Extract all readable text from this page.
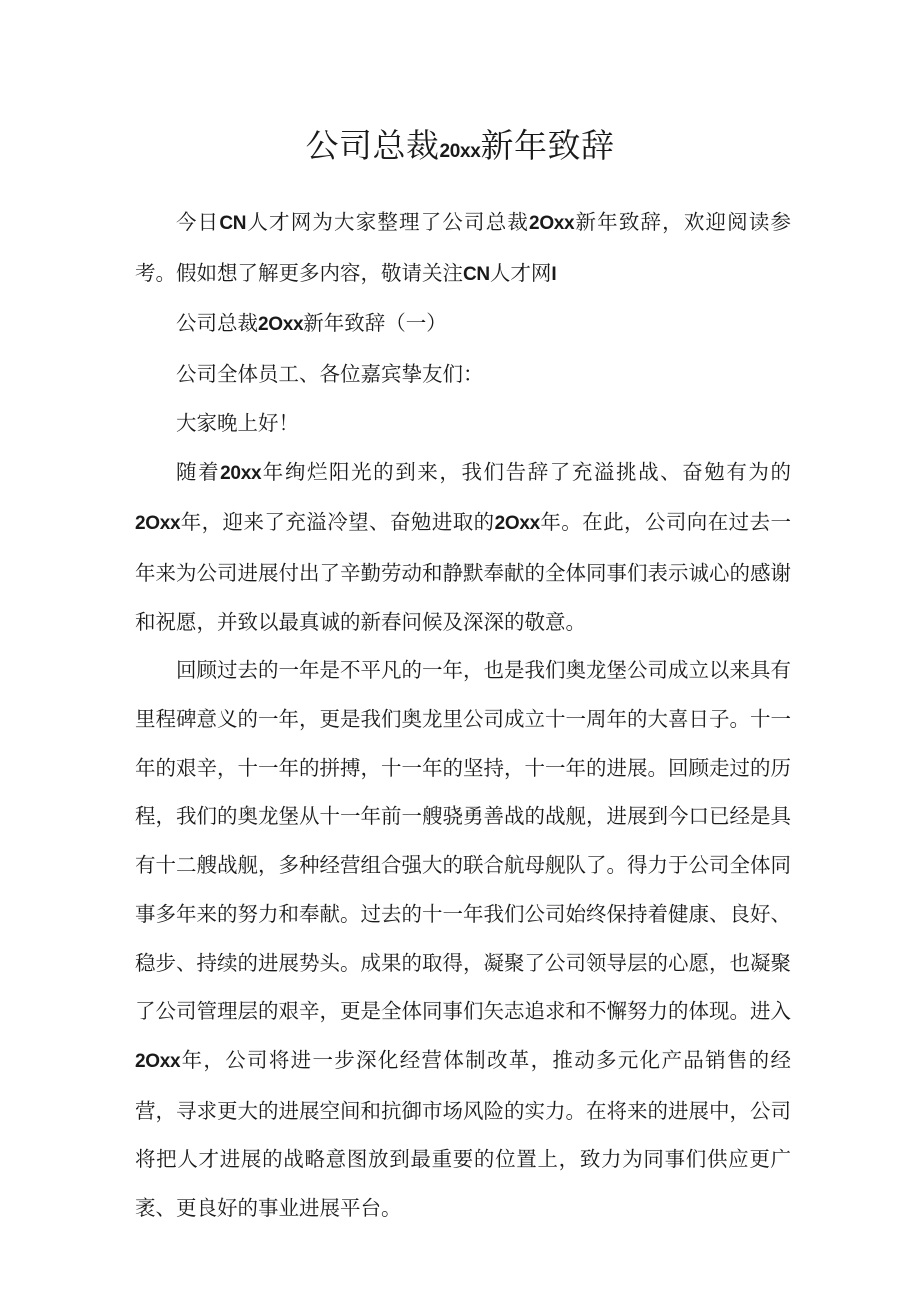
公司总裁20xx新年致辞

今日CN人才网为大家整理了公司总裁2Oxx新年致辞，欢迎阅读参考。假如想了解更多内容，敬请关注CN人才网I

公司总裁2Oxx新年致辞（一）

公司全体员工、各位嘉宾挚友们：

大家晚上好！

随着20xx年绚烂阳光的到来，我们告辞了充溢挑战、奋勉有为的2Oxx年，迎来了充溢冷望、奋勉进取的2Oxx年。在此，公司向在过去一年来为公司进展付出了辛勤劳动和静默奉献的全体同事们表示诚心的感谢和祝愿，并致以最真诚的新春问候及深深的敬意。

回顾过去的一年是不平凡的一年，也是我们奥龙堡公司成立以来具有里程碑意义的一年，更是我们奥龙里公司成立十一周年的大喜日子。十一年的艰辛，十一年的拼搏，十一年的坚持，十一年的进展。回顾走过的历程，我们的奥龙堡从十一年前一艘骁勇善战的战舰，进展到今口已经是具有十二艘战舰，多种经营组合强大的联合航母舰队了。得力于公司全体同事多年来的努力和奉献。过去的十一年我们公司始终保持着健康、良好、稳步、持续的进展势头。成果的取得，凝聚了公司领导层的心愿，也凝聚了公司管理层的艰辛，更是全体同事们矢志追求和不懈努力的体现。进入2Oxx年，公司将进一步深化经营体制改革，推动多元化产品销售的经营，寻求更大的进展空间和抗御市场风险的实力。在将来的进展中，公司将把人才进展的战略意图放到最重要的位置上，致力为同事们供应更广袤、更良好的事业进展平台。
